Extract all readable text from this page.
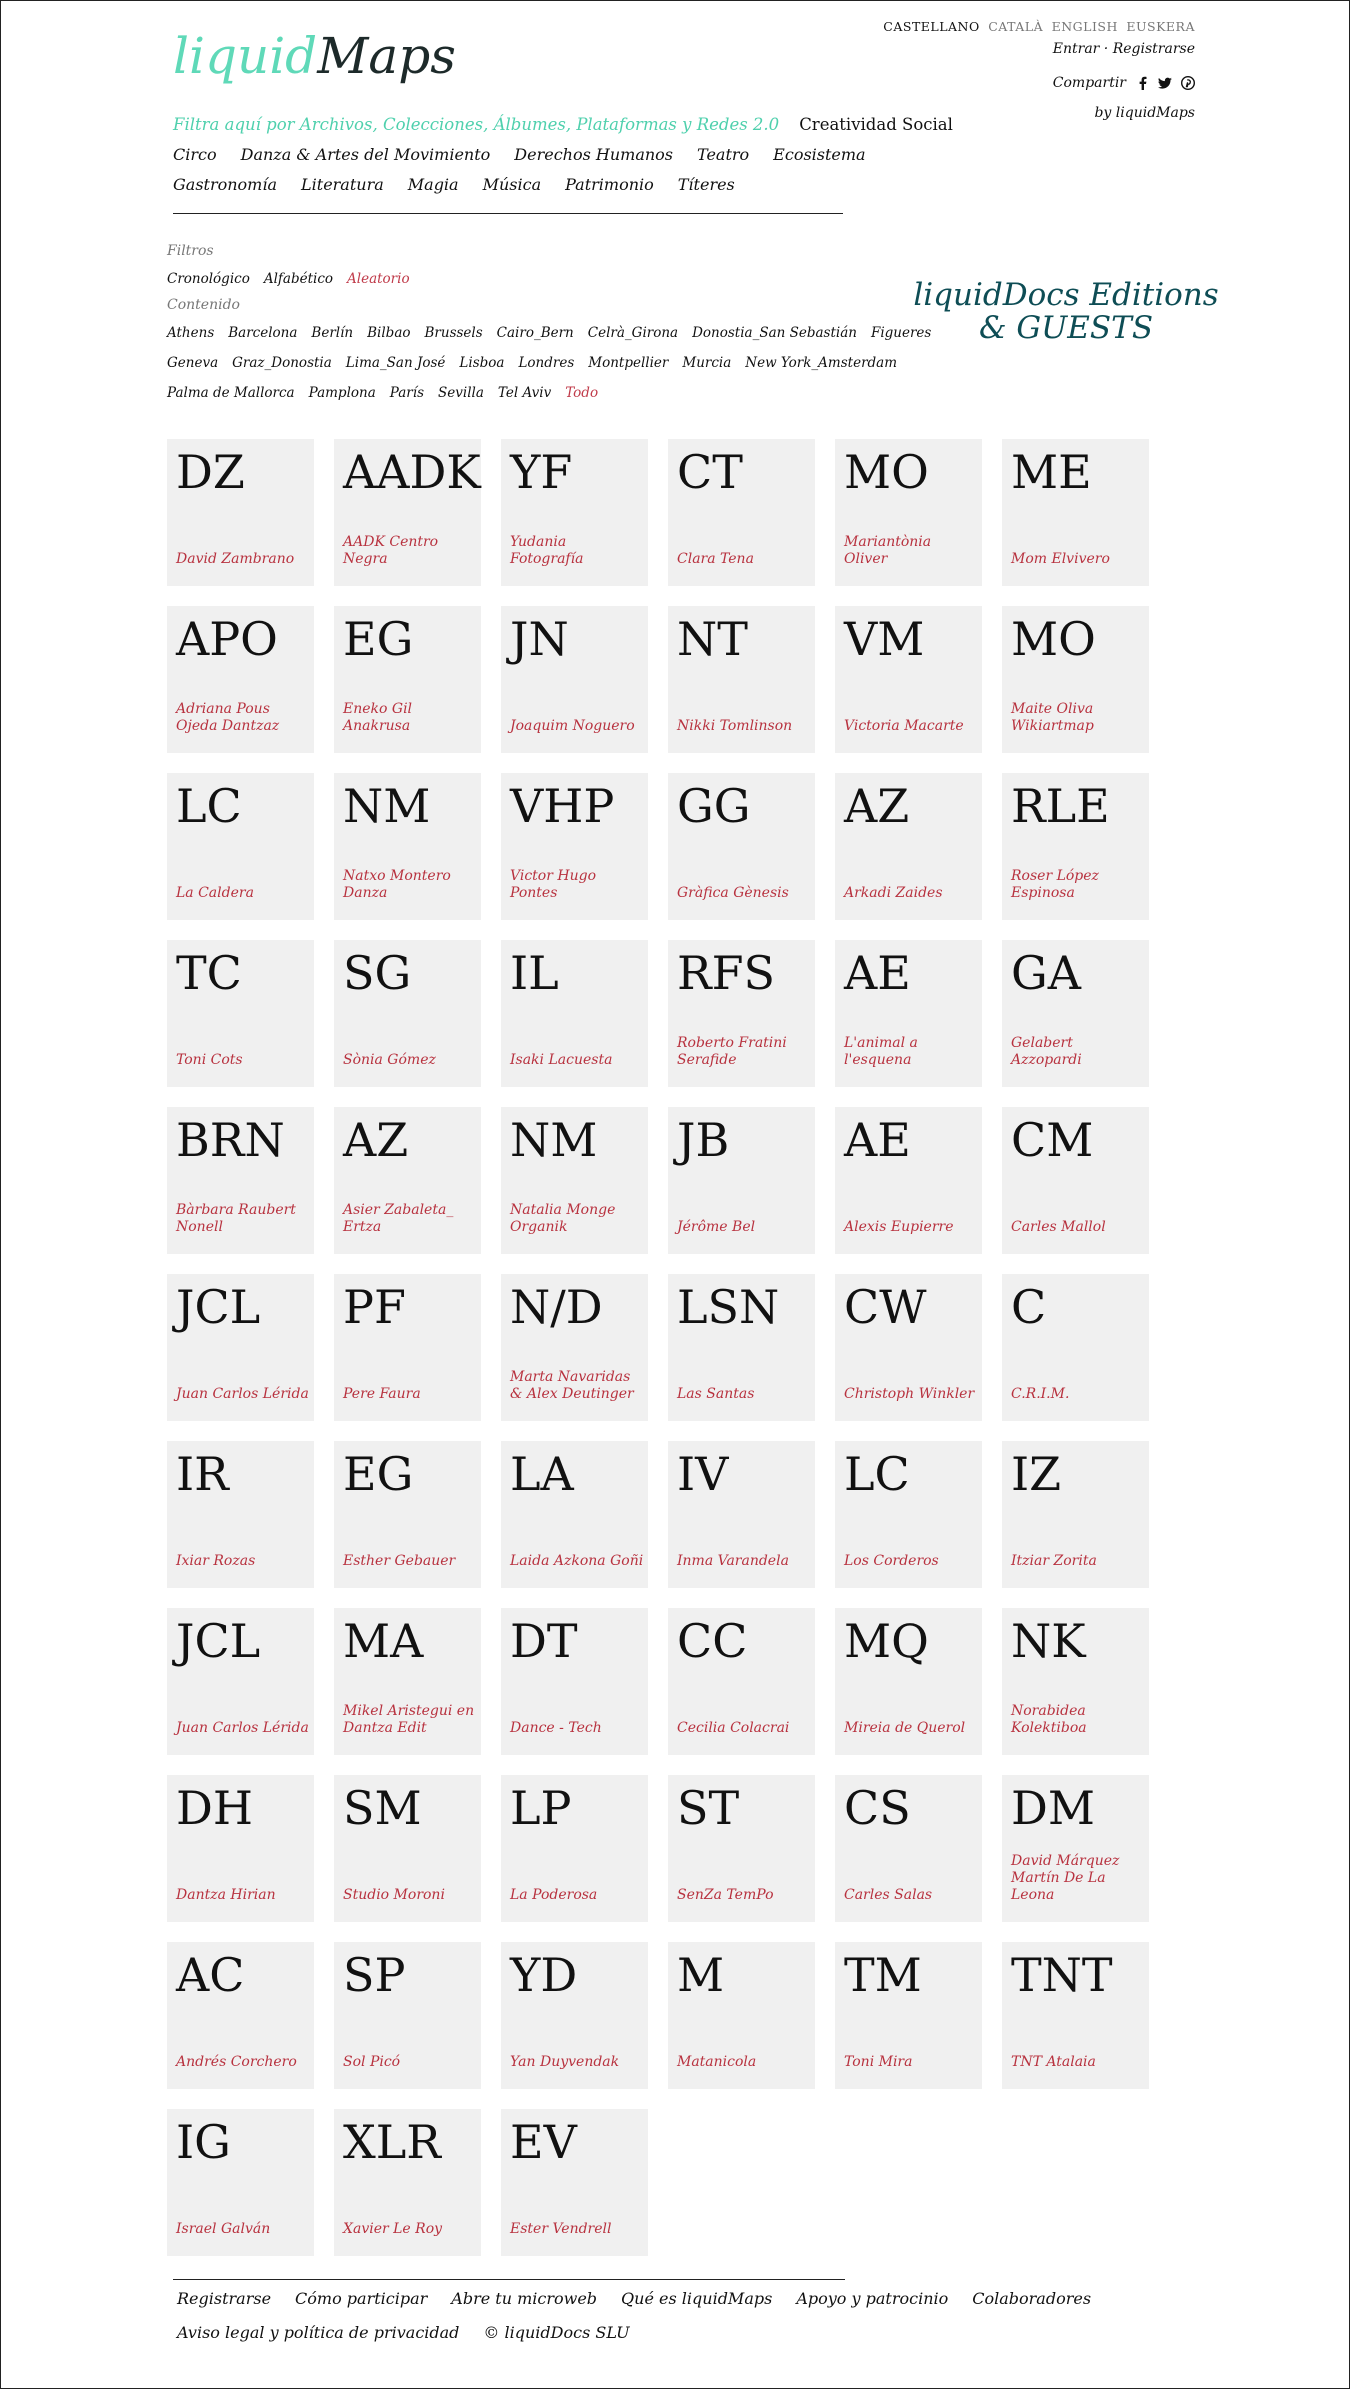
liquidMaps
CASTELLANO CATALÀ ENGLISH EUSKERA
Entrar · Registrarse
Compartir
by liquidMaps
Filtra aquí por Archivos, Colecciones, Álbumes, Plataformas y Redes 2.0 Creatividad Social
Circo Danza & Artes del Movimiento Derechos Humanos Teatro Ecosistema
Gastronomía Literatura Magia Música Patrimonio Títeres
Filtros
Cronológico Alfabético Aleatorio
Contenido
Athens Barcelona Berlín Bilbao Brussels Cairo_Bern Celrà_Girona Donostia_San Sebastián Figueres
Geneva Graz_Donostia Lima_San José Lisboa Londres Montpellier Murcia New York_Amsterdam
Palma de Mallorca Pamplona París Sevilla Tel Aviv Todo
liquidDocs Editions
& GUESTS
DZ
David Zambrano
AADK
AADK Centro Negra
YF
Yudania Fotografía
CT
Clara Tena
MO
Mariantònia Oliver
ME
Mom Elvivero
APO
Adriana Pous Ojeda Dantzaz
EG
Eneko Gil Anakrusa
JN
Joaquim Noguero
NT
Nikki Tomlinson
VM
Victoria Macarte
MO
Maite Oliva Wikiartmap
LC
La Caldera
NM
Natxo Montero Danza
VHP
Victor Hugo Pontes
GG
Gràfica Gènesis
AZ
Arkadi Zaides
RLE
Roser López Espinosa
TC
Toni Cots
SG
Sònia Gómez
IL
Isaki Lacuesta
RFS
Roberto Fratini Serafide
AE
L'animal a l'esquena
GA
Gelabert Azzopardi
BRN
Bàrbara Raubert Nonell
AZ
Asier Zabaleta_ Ertza
NM
Natalia Monge Organik
JB
Jérôme Bel
AE
Alexis Eupierre
CM
Carles Mallol
JCL
Juan Carlos Lérida
PF
Pere Faura
N/D
Marta Navaridas & Alex Deutinger
LSN
Las Santas
CW
Christoph Winkler
C
C.R.I.M.
IR
Ixiar Rozas
EG
Esther Gebauer
LA
Laida Azkona Goñi
IV
Inma Varandela
LC
Los Corderos
IZ
Itziar Zorita
JCL
Juan Carlos Lérida
MA
Mikel Aristegui en Dantza Edit
DT
Dance - Tech
CC
Cecilia Colacrai
MQ
Mireia de Querol
NK
Norabidea Kolektiboa
DH
Dantza Hirian
SM
Studio Moroni
LP
La Poderosa
ST
SenZa TemPo
CS
Carles Salas
DM
David Márquez Martín De La Leona
AC
Andrés Corchero
SP
Sol Picó
YD
Yan Duyvendak
M
Matanicola
TM
Toni Mira
TNT
TNT Atalaia
IG
Israel Galván
XLR
Xavier Le Roy
EV
Ester Vendrell
Registrarse Cómo participar Abre tu microweb Qué es liquidMaps Apoyo y patrocinio Colaboradores
Aviso legal y política de privacidad © liquidDocs SLU
